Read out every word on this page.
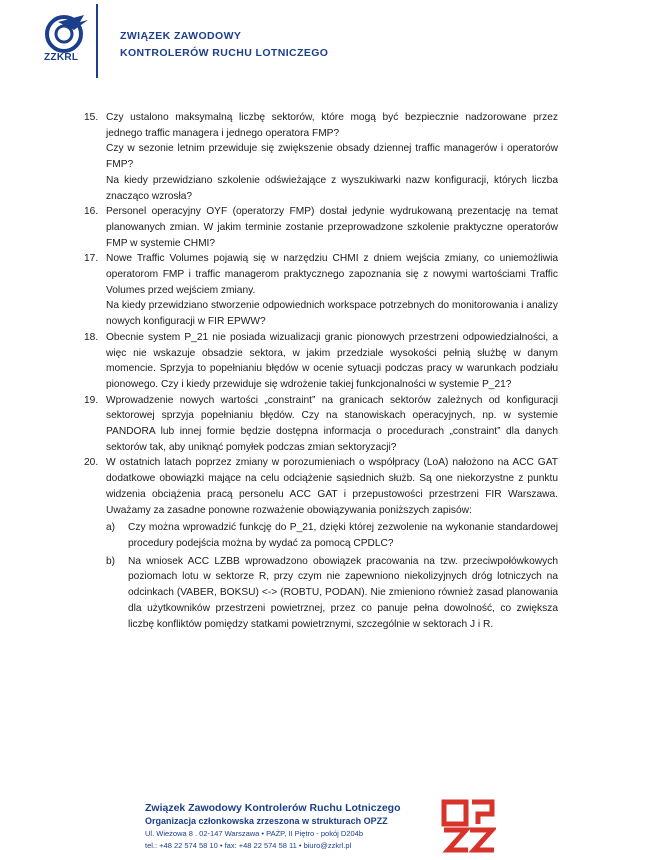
ZZKRL
ZWIĄZEK ZAWODOWY
KONTROLERÓW RUCHU LOTNICZEGO
15. Czy ustalono maksymalną liczbę sektorów, które mogą być bezpiecznie nadzorowane przez jednego traffic managera i jednego operatora FMP?

Czy w sezonie letnim przewiduje się zwiększenie obsady dziennej traffic managerów i operatorów FMP?

Na kiedy przewidziano szkolenie odświeżające z wyszukiwarki nazw konfiguracji, których liczba znacząco wzrosła?

16. Personel operacyjny OYF (operatorzy FMP) dostał jedynie wydrukowaną prezentację na temat planowanych zmian. W jakim terminie zostanie przeprowadzone szkolenie praktyczne operatorów FMP w systemie CHMI?

17. Nowe Traffic Volumes pojawią się w narzędziu CHMI z dniem wejścia zmiany, co uniemożliwia operatorom FMP i traffic managerom praktycznego zapoznania się z nowymi wartościami Traffic Volumes przed wejściem zmiany.

Na kiedy przewidziano stworzenie odpowiednich workspace potrzebnych do monitorowania i analizy nowych konfiguracji w FIR EPWW?

18. Obecnie system P_21 nie posiada wizualizacji granic pionowych przestrzeni odpowiedzialności, a więc nie wskazuje obsadzie sektora, w jakim przedziale wysokości pełnią służbę w danym momencie. Sprzyja to popełnianiu błędów w ocenie sytuacji podczas pracy w warunkach podziału pionowego. Czy i kiedy przewiduje się wdrożenie takiej funkcjonalności w systemie P_21?

19. Wprowadzenie nowych wartości „constraint” na granicach sektorów zależnych od konfiguracji sektorowej sprzyja popełnianiu błędów. Czy na stanowiskach operacyjnych, np. w systemie PANDORA lub innej formie będzie dostępna informacja o procedurach „constraint” dla danych sektorów tak, aby uniknąć pomyłek podczas zmian sektoryzacji?

20. W ostatnich latach poprzez zmiany w porozumieniach o współpracy (LoA) nałożono na ACC GAT dodatkowe obowiązki mające na celu odciążenie sąsiednich służb. Są one niekorzystne z punktu widzenia obciążenia pracą personelu ACC GAT i przepustowości przestrzeni FIR Warszawa. Uważamy za zasadne ponowne rozważenie obowiązywania poniższych zapisów:

a) Czy można wprowadzić funkcję do P_21, dzięki której zezwolenie na wykonanie standardowej procedury podejścia można by wydać za pomocą CPDLC?

b) Na wniosek ACC LZBB wprowadzono obowiązek pracowania na tzw. przeciwpołówkowych poziomach lotu w sektorze R, przy czym nie zapewniono niekolizyjnych dróg lotniczych na odcinkach (VABER, BOKSU) <-> (ROBTU, PODAN). Nie zmieniono również zasad planowania dla użytkowników przestrzeni powietrznej, przez co panuje pełna dowolność, co zwiększa liczbę konfliktów pomiędzy statkami powietrznymi, szczególnie w sektorach J i R.

Związek Zawodowy Kontrolerów Ruchu Lotniczego
Organizacja członkowska zrzeszona w strukturach OPZZ
Ul. Wieżowa 8 . 02-147 Warszawa • PAŻP, II Piętro - pokój D204b
tel.: +48 22 574 58 10 • fax: +48 22 574 58 11 • biuro@zzkrl.pl
